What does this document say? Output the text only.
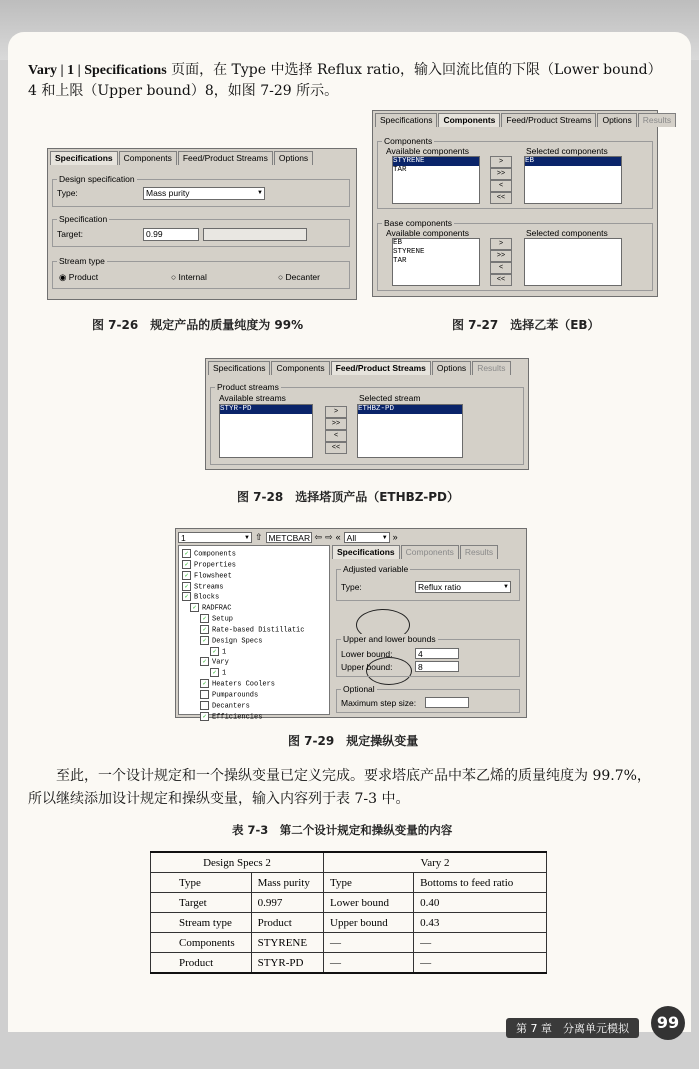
Vary | 1 | Specifications 页面，在 Type 中选择 Reflux ratio，输入回流比值的下限（Lower bound）4 和上限（Upper bound）8，如图 7-29 所示。
Specifications	Components	Feed/Product Streams	Options
Design specification
Type:	Mass purity ▼
Specification
Target:	0.99
Stream type
◉ Product	○ Internal	○ Decanter
图 7-26　规定产品的质量纯度为 99%
Specifications	Components	Feed/Product Streams	Options	Results
Components
Available components
STYRENE
TAR
>
>>
<
<<
Selected components
EB
Base components
Available components
EB
STYRENE
TAR
>
>>
<
<<
Selected components
图 7-27　选择乙苯（EB）
Specifications	Components	Feed/Product Streams	Options	Results
Product streams
Available streams
STYR-PD	>
>>
<
<<
Selected stream
ETHBZ-PD
图 7-28　选择塔顶产品（ETHBZ-PD）
1 ▼	⇧ METCBAR ⇦ ⇨ « All ▼	»
✓ Components
✓ Properties
✓ Flowsheet
✓ Streams
✓ Blocks
✓ RADFRAC
✓ Setup
✓ Rate-based Distillatic
✓ Design Specs
✓ 1
✓ Vary
✓ 1
✓ Heaters Coolers
Pumparounds
Decanters
✓ Efficiencies
Specifications	Components	Results
Adjusted variable
Type:	Reflux ratio ▼
Upper and lower bounds
Lower bound:	4
Upper bound:	8
Optional
Maximum step size:
图 7-29　规定操纵变量
至此，一个设计规定和一个操纵变量已定义完成。要求塔底产品中苯乙烯的质量纯度为 99.7%，所以继续添加设计规定和操纵变量，输入内容列于表 7-3 中。
表 7-3　第二个设计规定和操纵变量的内容
Design Specs 2		Vary 2	
Type	Mass purity	Type	Bottoms to feed ratio
Target	0.997	Lower bound	0.40
Stream type	Product	Upper bound	0.43
Components	STYRENE	—	—
Product	STYR-PD	—	—
第 7 章　分离单元模拟	99
